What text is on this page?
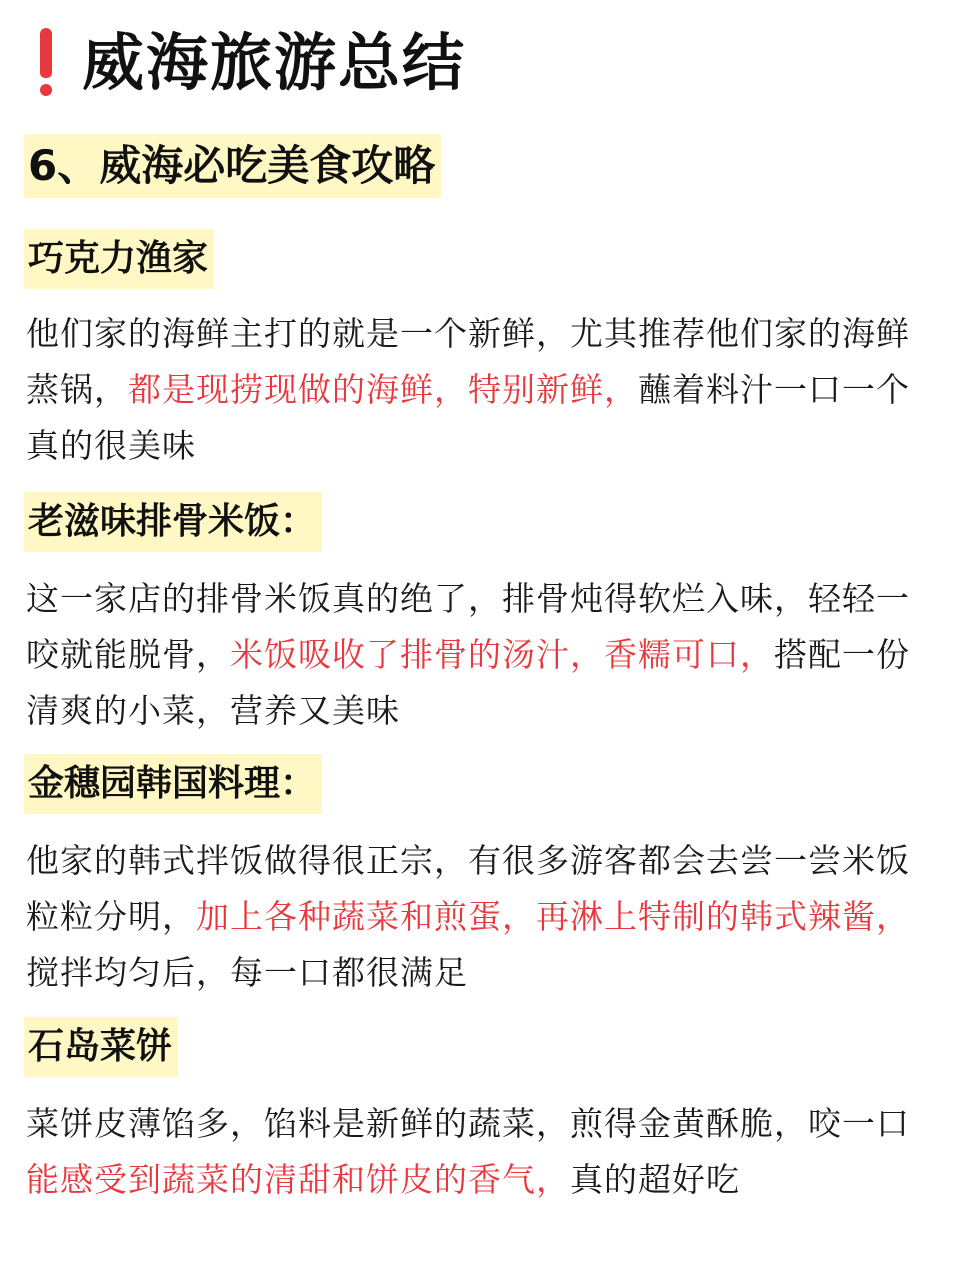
威海旅游总结
6、威海必吃美食攻略
巧克力渔家

他们家的海鲜主打的就是一个新鲜，尤其推荐他们家的海鲜蒸锅，都是现捞现做的海鲜，特别新鲜，蘸着料汁一口一个真的很美味

老滋味排骨米饭：

这一家店的排骨米饭真的绝了，排骨炖得软烂入味，轻轻一咬就能脱骨，米饭吸收了排骨的汤汁，香糯可口，搭配一份清爽的小菜，营养又美味

金穗园韩国料理：

他家的韩式拌饭做得很正宗，有很多游客都会去尝一尝米饭粒粒分明，加上各种蔬菜和煎蛋，再淋上特制的韩式辣酱，搅拌均匀后，每一口都很满足

石岛菜饼

菜饼皮薄馅多，馅料是新鲜的蔬菜，煎得金黄酥脆，咬一口能感受到蔬菜的清甜和饼皮的香气，真的超好吃
